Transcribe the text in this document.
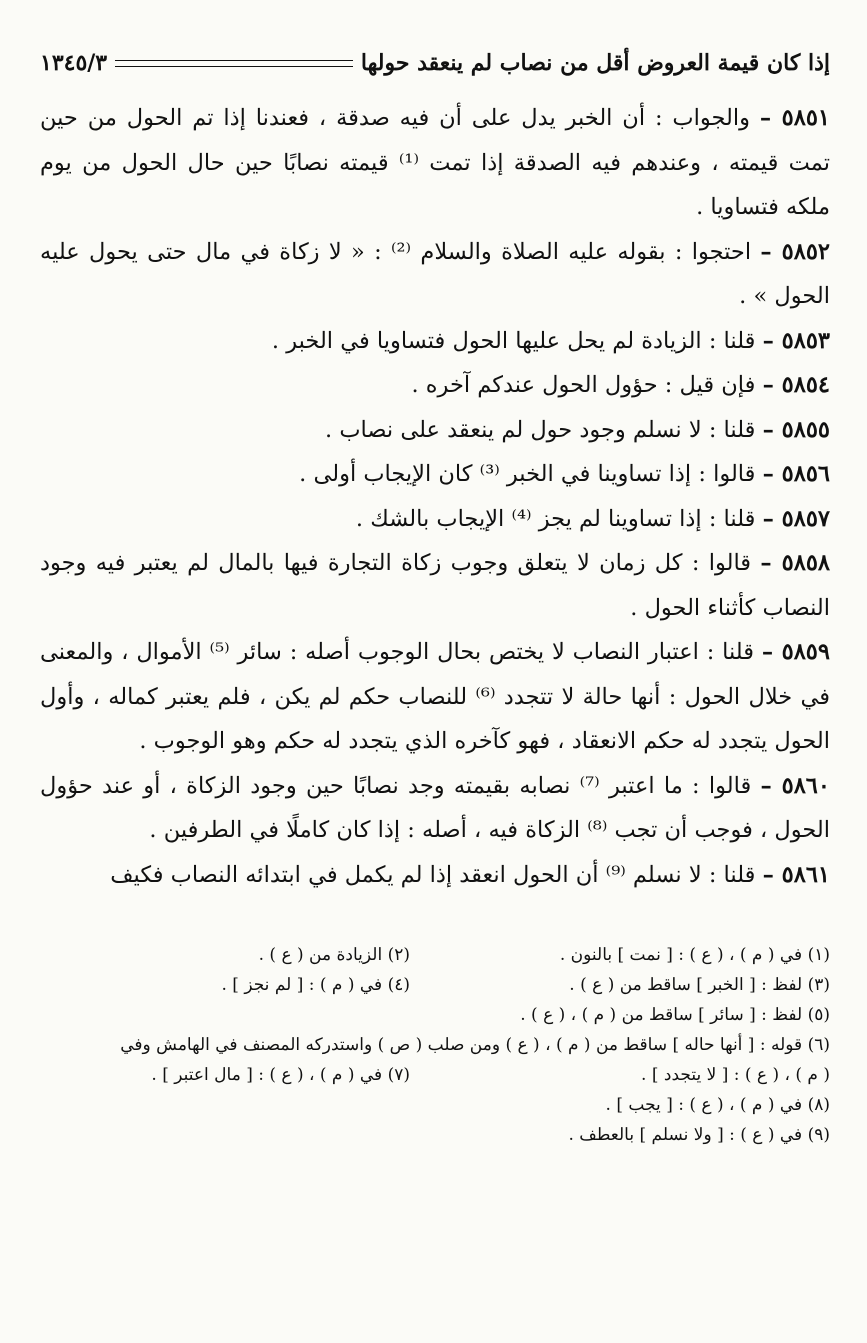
إذا كان قيمة العروض أقل من نصاب لم ينعقد حولها
١٣٤٥/٣

٥٨٥١ – والجواب : أن الخبر يدل على أن فيه صدقة ، فعندنا إذا تم الحول من حين تمت قيمته ، وعندهم فيه الصدقة إذا تمت ⁽¹⁾ قيمته نصابًا حين حال الحول من يوم ملكه فتساويا .

٥٨٥٢ – احتجوا : بقوله عليه الصلاة والسلام ⁽²⁾ : « لا زكاة في مال حتى يحول عليه الحول » .

٥٨٥٣ – قلنا : الزيادة لم يحل عليها الحول فتساويا في الخبر .

٥٨٥٤ – فإن قيل : حؤول الحول عندكم آخره .

٥٨٥٥ – قلنا : لا نسلم وجود حول لم ينعقد على نصاب .

٥٨٥٦ – قالوا : إذا تساوينا في الخبر ⁽³⁾ كان الإيجاب أولى .

٥٨٥٧ – قلنا : إذا تساوينا لم يجز ⁽⁴⁾ الإيجاب بالشك .

٥٨٥٨ – قالوا : كل زمان لا يتعلق وجوب زكاة التجارة فيها بالمال لم يعتبر فيه وجود النصاب كأثناء الحول .

٥٨٥٩ – قلنا : اعتبار النصاب لا يختص بحال الوجوب أصله : سائر ⁽⁵⁾ الأموال ، والمعنى في خلال الحول : أنها حالة لا تتجدد ⁽⁶⁾ للنصاب حكم لم يكن ، فلم يعتبر كماله ، وأول الحول يتجدد له حكم الانعقاد ، فهو كآخره الذي يتجدد له حكم وهو الوجوب .

٥٨٦٠ – قالوا : ما اعتبر ⁽⁷⁾ نصابه بقيمته وجد نصابًا حين وجود الزكاة ، أو عند حؤول الحول ، فوجب أن تجب ⁽⁸⁾ الزكاة فيه ، أصله : إذا كان كاملًا في الطرفين .

٥٨٦١ – قلنا : لا نسلم ⁽⁹⁾ أن الحول انعقد إذا لم يكمل في ابتدائه النصاب فكيف

(١) في ( م ) ، ( ع ) : [ نمت ] بالنون .
(٢) الزيادة من ( ع ) .
(٣) لفظ : [ الخبر ] ساقط من ( ع ) .
(٤) في ( م ) : [ لم نجز ] .
(٥) لفظ : [ سائر ] ساقط من ( م ) ، ( ع ) .
(٦) قوله : [ أنها حاله ] ساقط من ( م ) ، ( ع ) ومن صلب ( ص ) واستدركه المصنف في الهامش وفي
( م ) ، ( ع ) : [ لا يتجدد ] .
(٧) في ( م ) ، ( ع ) : [ مال اعتبر ] .
(٨) في ( م ) ، ( ع ) : [ يجب ] .
(٩) في ( ع ) : [ ولا نسلم ] بالعطف .
